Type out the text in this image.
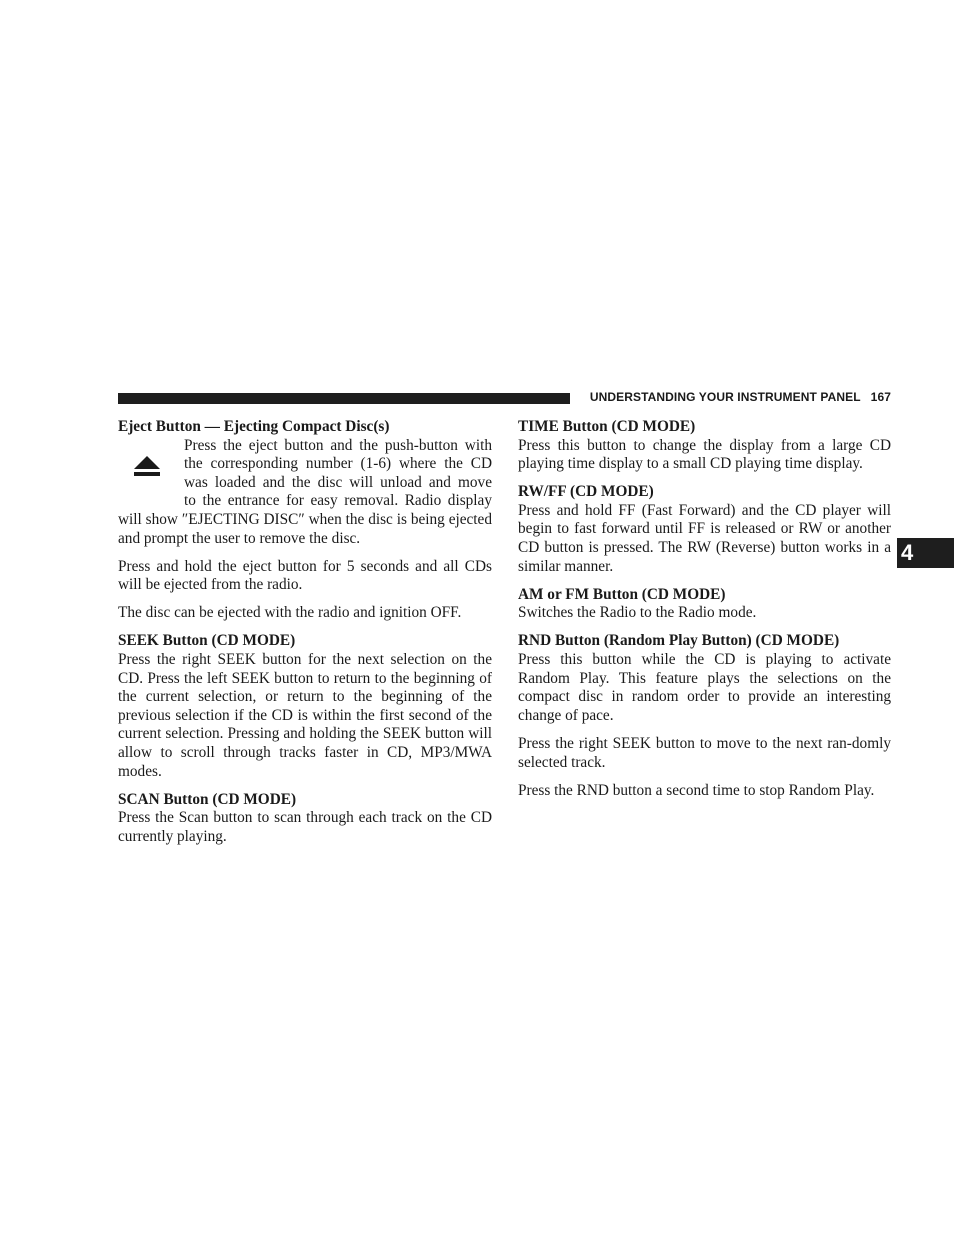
UNDERSTANDING YOUR INSTRUMENT PANEL 167
4
Eject Button — Ejecting Compact Disc(s)
Press the eject button and the push-button with
the corresponding number (1-6) where the CD
was loaded and the disc will unload and move
to the entrance for easy removal. Radio display

will show ″EJECTING DISC″ when the disc is being ejected and prompt the user to remove the disc.

Press and hold the eject button for 5 seconds and all CDs will be ejected from the radio.

The disc can be ejected with the radio and ignition OFF.

SEEK Button (CD MODE)

Press the right SEEK button for the next selection on the CD. Press the left SEEK button to return to the beginning of the current selection, or return to the beginning of the previous selection if the CD is within the first second of the current selection. Pressing and holding the SEEK button will allow to scroll through tracks faster in CD, MP3/MWA modes.

SCAN Button (CD MODE)

Press the Scan button to scan through each track on the CD currently playing.

TIME Button (CD MODE)

Press this button to change the display from a large CD playing time display to a small CD playing time display.

RW/FF (CD MODE)

Press and hold FF (Fast Forward) and the CD player will begin to fast forward until FF is released or RW or another CD button is pressed. The RW (Reverse) button works in a similar manner.

AM or FM Button (CD MODE)

Switches the Radio to the Radio mode.

RND Button (Random Play Button) (CD MODE)

Press this button while the CD is playing to activate Random Play. This feature plays the selections on the compact disc in random order to provide an interesting change of pace.

Press the right SEEK button to move to the next ran-domly selected track.

Press the RND button a second time to stop Random Play.
